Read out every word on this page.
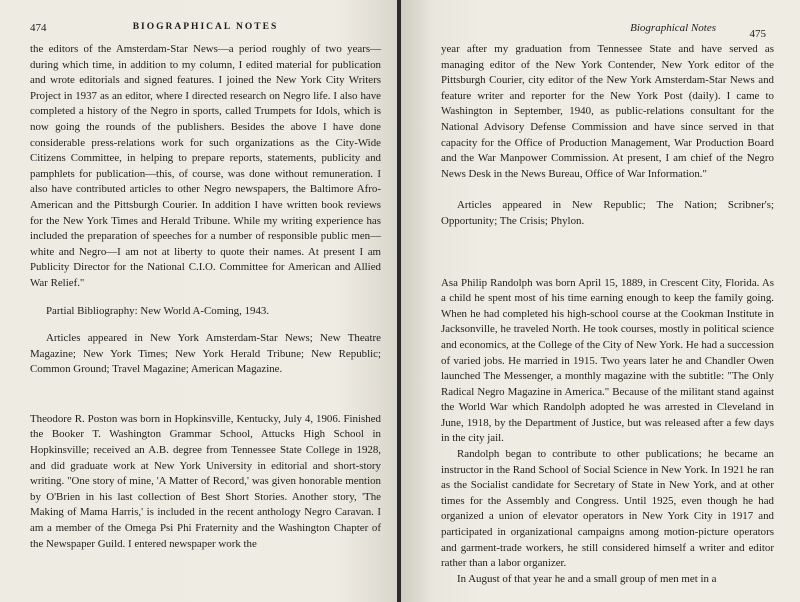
474	BIOGRAPHICAL NOTES

the editors of the Amsterdam-Star News—a period roughly of two years—during which time, in addition to my column, I edited material for publication and wrote editorials and signed features. I joined the New York City Writers Project in 1937 as an editor, where I directed research on Negro life. I also have completed a history of the Negro in sports, called Trumpets for Idols, which is now going the rounds of the publishers. Besides the above I have done considerable press-relations work for such organizations as the City-Wide Citizens Committee, in helping to prepare reports, statements, publicity and pamphlets for publication—this, of course, was done without remuneration. I also have contributed articles to other Negro newspapers, the Baltimore Afro-American and the Pittsburgh Courier. In addition I have written book reviews for the New York Times and Herald Tribune. While my writing experience has included the preparation of speeches for a number of responsible public men—white and Negro—I am not at liberty to quote their names. At present I am Publicity Director for the National C.I.O. Committee for American and Allied War Relief."

Partial Bibliography: New World A-Coming, 1943.

Articles appeared in New York Amsterdam-Star News; New Theatre Magazine; New York Times; New York Herald Tribune; New Republic; Common Ground; Travel Magazine; American Magazine.

Theodore R. Poston was born in Hopkinsville, Kentucky, July 4, 1906. Finished the Booker T. Washington Grammar School, Attucks High School in Hopkinsville; received an A.B. degree from Tennessee State College in 1928, and did graduate work at New York University in editorial and short-story writing. "One story of mine, 'A Matter of Record,' was given honorable mention by O'Brien in his last collection of Best Short Stories. Another story, 'The Making of Mama Harris,' is included in the recent anthology Negro Caravan. I am a member of the Omega Psi Phi Fraternity and the Washington Chapter of the Newspaper Guild. I entered newspaper work the

Biographical Notes	475

year after my graduation from Tennessee State and have served as managing editor of the New York Contender, New York editor of the Pittsburgh Courier, city editor of the New York Amsterdam-Star News and feature writer and reporter for the New York Post (daily). I came to Washington in September, 1940, as public-relations consultant for the National Advisory Defense Commission and have since served in that capacity for the Office of Production Management, War Production Board and the War Manpower Commission. At present, I am chief of the Negro News Desk in the News Bureau, Office of War Information."

Articles appeared in New Republic; The Nation; Scribner's; Opportunity; The Crisis; Phylon.

Asa Philip Randolph was born April 15, 1889, in Crescent City, Florida. As a child he spent most of his time earning enough to keep the family going. When he had completed his high-school course at the Cookman Institute in Jacksonville, he traveled North. He took courses, mostly in political science and economics, at the College of the City of New York. He had a succession of varied jobs. He married in 1915. Two years later he and Chandler Owen launched The Messenger, a monthly magazine with the subtitle: "The Only Radical Negro Magazine in America." Because of the militant stand against the World War which Randolph adopted he was arrested in Cleveland in June, 1918, by the Department of Justice, but was released after a few days in the city jail.

Randolph began to contribute to other publications; he became an instructor in the Rand School of Social Science in New York. In 1921 he ran as the Socialist candidate for Secretary of State in New York, and at other times for the Assembly and Congress. Until 1925, even though he had organized a union of elevator operators in New York City in 1917 and participated in organizational campaigns among motion-picture operators and garment-trade workers, he still considered himself a writer and editor rather than a labor organizer.

In August of that year he and a small group of men met in a
